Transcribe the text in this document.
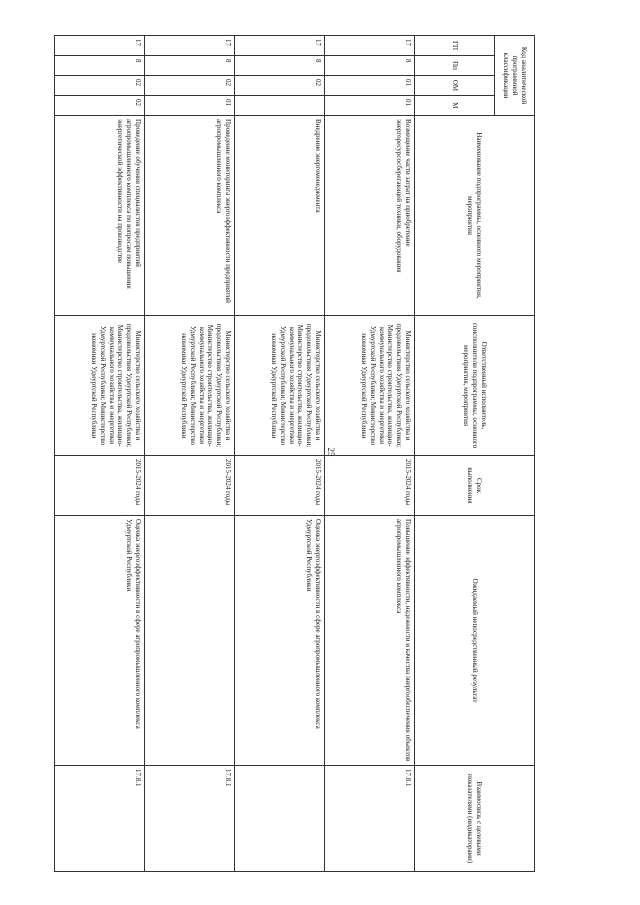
25
Код аналитической программной классификации				Наименование подпрограммы, основного мероприятия, мероприятия	Ответственный исполнитель, соисполнители подпрограммы, основного мероприятия, мероприятия	Срок выполнения	Ожидаемый непосредственный результат	Взаимосвязь с целевыми показателями (индикаторами)
ГП	Пп	ОМ	М					
17	8	01	01	Возмещение части затрат на приобретение энергоресурсосберегающей техники, оборудования	Министерство сельского хозяйства и продовольствия Удмуртской Республики; Министерство строительства, жилищно-коммунального хозяйства и энергетики Удмуртской Республики; Министерство экономики Удмуртской Республики	2015-2024 годы	Повышение эффективности, надежности и качества энергообеспечения объектов агропромышленного комплекса	17.8.1
17	8	02		Внедрение энергоменеджмента	Министерство сельского хозяйства и продовольствия Удмуртской Республики; Министерство строительства, жилищно-коммунального хозяйства и энергетики Удмуртской Республики; Министерство экономики Удмуртской Республики	2015-2024 годы	Оценка энергоэффективности в сфере агропромышленного комплекса Удмуртской Республики	
17	8	02	01	Проведение мониторинга энергоэффективности предприятий агропромышленного комплекса	Министерство сельского хозяйства и продовольствия Удмуртской Республики; Министерство строительства, жилищно-коммунального хозяйства и энергетики Удмуртской Республики; Министерство экономики Удмуртской Республики	2015-2024 годы		17.8.1
17	8	02	02	Проведение обучения специалистов предприятий агропромышленного комплекса по вопросам повышения энергетической эффективности на производстве	Министерство сельского хозяйства и продовольствия Удмуртской Республики; Министерство строительства, жилищно-коммунального хозяйства и энергетики Удмуртской Республики; Министерство экономики Удмуртской Республики	2015-2024 годы	Оценка энергоэффективности в сфере агропромышленного комплекса Удмуртской Республики	17.8.1
